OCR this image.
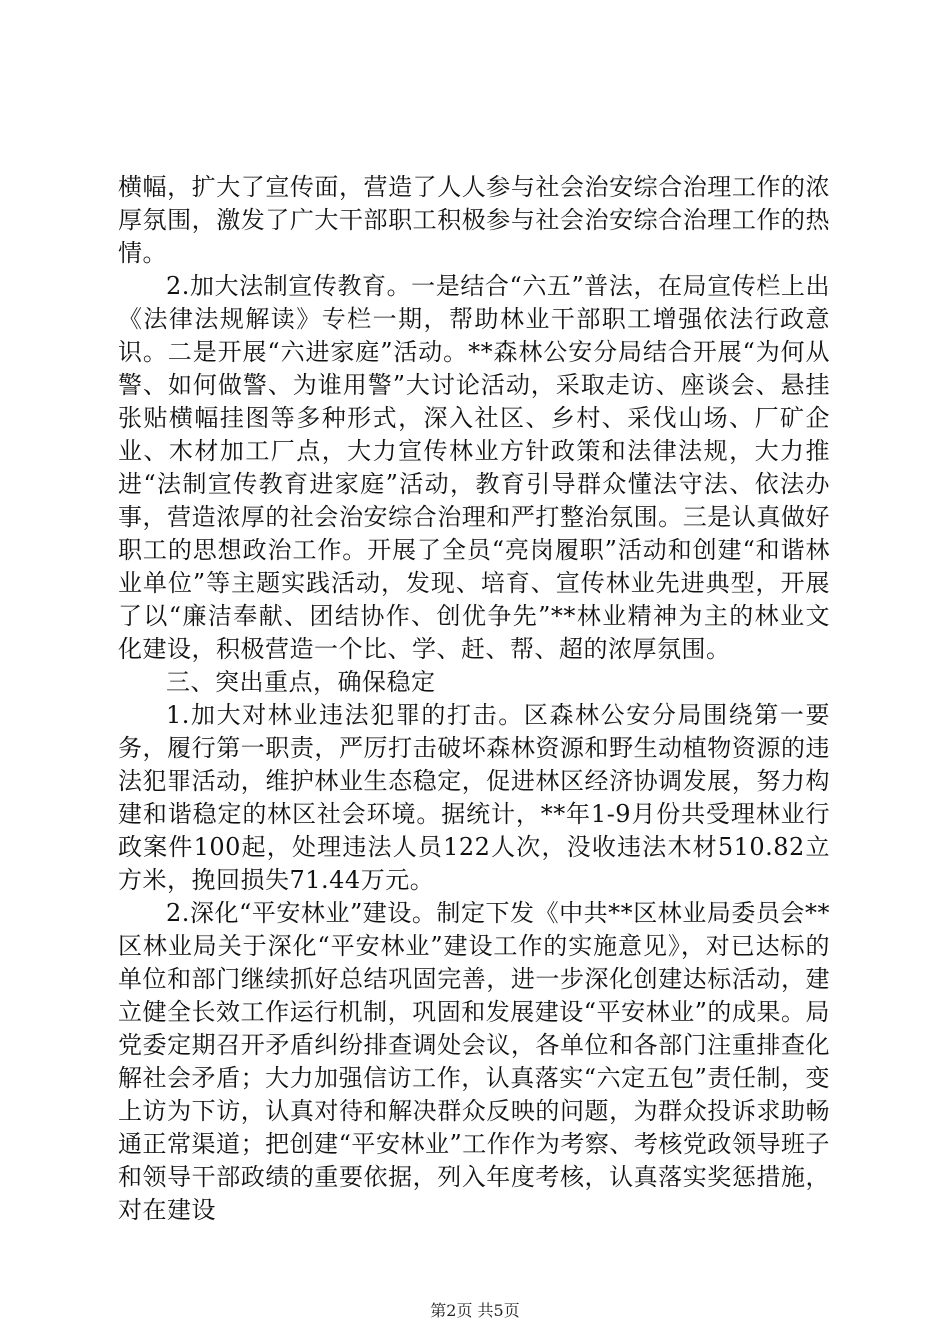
横幅，扩大了宣传面，营造了人人参与社会治安综合治理工作的浓厚氛围，激发了广大干部职工积极参与社会治安综合治理工作的热情。

2.加大法制宣传教育。一是结合“六五”普法，在局宣传栏上出《法律法规解读》专栏一期，帮助林业干部职工增强依法行政意识。二是开展“六进家庭”活动。**森林公安分局结合开展“为何从警、如何做警、为谁用警”大讨论活动，采取走访、座谈会、悬挂张贴横幅挂图等多种形式，深入社区、乡村、采伐山场、厂矿企业、木材加工厂点，大力宣传林业方针政策和法律法规，大力推进“法制宣传教育进家庭”活动，教育引导群众懂法守法、依法办事，营造浓厚的社会治安综合治理和严打整治氛围。三是认真做好职工的思想政治工作。开展了全员“亮岗履职”活动和创建“和谐林业单位”等主题实践活动，发现、培育、宣传林业先进典型，开展了以“廉洁奉献、团结协作、创优争先”**林业精神为主的林业文化建设，积极营造一个比、学、赶、帮、超的浓厚氛围。

三、突出重点，确保稳定

1.加大对林业违法犯罪的打击。区森林公安分局围绕第一要务，履行第一职责，严厉打击破坏森林资源和野生动植物资源的违法犯罪活动，维护林业生态稳定，促进林区经济协调发展，努力构建和谐稳定的林区社会环境。据统计，**年1-9月份共受理林业行政案件100起，处理违法人员122人次，没收违法木材510.82立方米，挽回损失71.44万元。

2.深化“平安林业”建设。制定下发《中共**区林业局委员会**区林业局关于深化“平安林业”建设工作的实施意见》，对已达标的单位和部门继续抓好总结巩固完善，进一步深化创建达标活动，建立健全长效工作运行机制，巩固和发展建设“平安林业”的成果。局党委定期召开矛盾纠纷排查调处会议，各单位和各部门注重排查化解社会矛盾；大力加强信访工作，认真落实“六定五包”责任制，变上访为下访，认真对待和解决群众反映的问题，为群众投诉求助畅通正常渠道；把创建“平安林业”工作作为考察、考核党政领导班子和领导干部政绩的重要依据，列入年度考核，认真落实奖惩措施，对在建设

第2页 共5页
